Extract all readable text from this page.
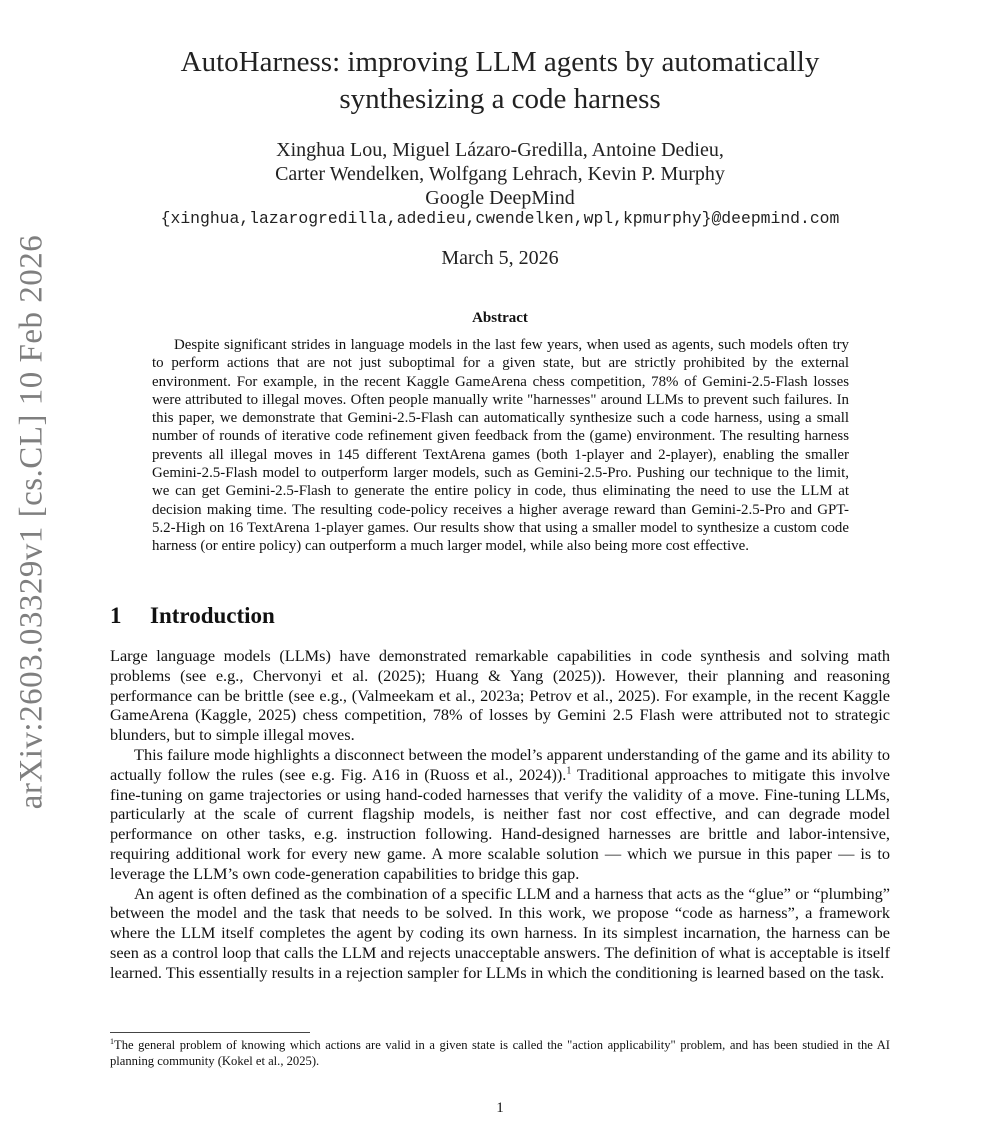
arXiv:2603.03329v1 [cs.CL] 10 Feb 2026
AutoHarness: improving LLM agents by automatically
synthesizing a code harness
Xinghua Lou, Miguel Lázaro-Gredilla, Antoine Dedieu,
Carter Wendelken, Wolfgang Lehrach, Kevin P. Murphy
Google DeepMind
{xinghua,lazarogredilla,adedieu,cwendelken,wpl,kpmurphy}@deepmind.com
March 5, 2026
Abstract

Despite significant strides in language models in the last few years, when used as agents, such models often try to perform actions that are not just suboptimal for a given state, but are strictly prohibited by the external environment. For example, in the recent Kaggle GameArena chess competition, 78% of Gemini-2.5-Flash losses were attributed to illegal moves. Often people manually write "harnesses" around LLMs to prevent such failures. In this paper, we demonstrate that Gemini-2.5-Flash can automatically synthesize such a code harness, using a small number of rounds of iterative code refinement given feedback from the (game) environment. The resulting harness prevents all illegal moves in 145 different TextArena games (both 1-player and 2-player), enabling the smaller Gemini-2.5-Flash model to outperform larger models, such as Gemini-2.5-Pro. Pushing our technique to the limit, we can get Gemini-2.5-Flash to generate the entire policy in code, thus eliminating the need to use the LLM at decision making time. The resulting code-policy receives a higher average reward than Gemini-2.5-Pro and GPT-5.2-High on 16 TextArena 1-player games. Our results show that using a smaller model to synthesize a custom code harness (or entire policy) can outperform a much larger model, while also being more cost effective.

1 Introduction

Large language models (LLMs) have demonstrated remarkable capabilities in code synthesis and solving math problems (see e.g., Chervonyi et al. (2025); Huang & Yang (2025)). However, their planning and reasoning performance can be brittle (see e.g., (Valmeekam et al., 2023a; Petrov et al., 2025). For example, in the recent Kaggle GameArena (Kaggle, 2025) chess competition, 78% of losses by Gemini 2.5 Flash were attributed not to strategic blunders, but to simple illegal moves.

This failure mode highlights a disconnect between the model’s apparent understanding of the game and its ability to actually follow the rules (see e.g. Fig. A16 in (Ruoss et al., 2024)).$^1$ Traditional approaches to mitigate this involve fine-tuning on game trajectories or using hand-coded harnesses that verify the validity of a move. Fine-tuning LLMs, particularly at the scale of current flagship models, is neither fast nor cost effective, and can degrade model performance on other tasks, e.g. instruction following. Hand-designed harnesses are brittle and labor-intensive, requiring additional work for every new game. A more scalable solution — which we pursue in this paper — is to leverage the LLM’s own code-generation capabilities to bridge this gap.

An agent is often defined as the combination of a specific LLM and a harness that acts as the “glue” or “plumbing” between the model and the task that needs to be solved. In this work, we propose “code as harness”, a framework where the LLM itself completes the agent by coding its own harness. In its simplest incarnation, the harness can be seen as a control loop that calls the LLM and rejects unacceptable answers. The definition of what is acceptable is itself learned. This essentially results in a rejection sampler for LLMs in which the conditioning is learned based on the task.

$^1$The general problem of knowing which actions are valid in a given state is called the "action applicability" problem, and has been studied in the AI planning community (Kokel et al., 2025).

1
